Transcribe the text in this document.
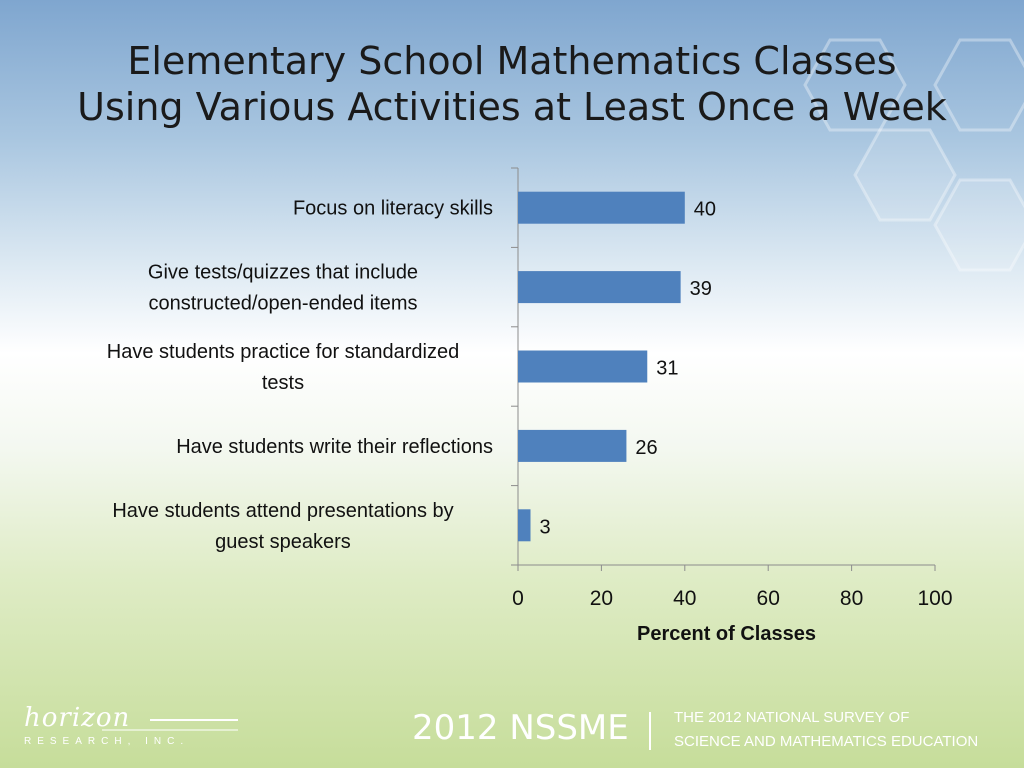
Elementary School Mathematics Classes
Using Various Activities at Least Once a Week
0	20	40	60	80	100
Percent of Classes
40
Focus on literacy skills
39
Give tests/quizzes that include constructed/open-ended items
31
Have students practice for standardized tests
26
Have students write their reflections
3
Have students attend presentations by guest speakers
horizon
RESEARCH, INC.	2012 NSSME	THE 2012 NATIONAL SURVEY OF
SCIENCE AND MATHEMATICS EDUCATION
